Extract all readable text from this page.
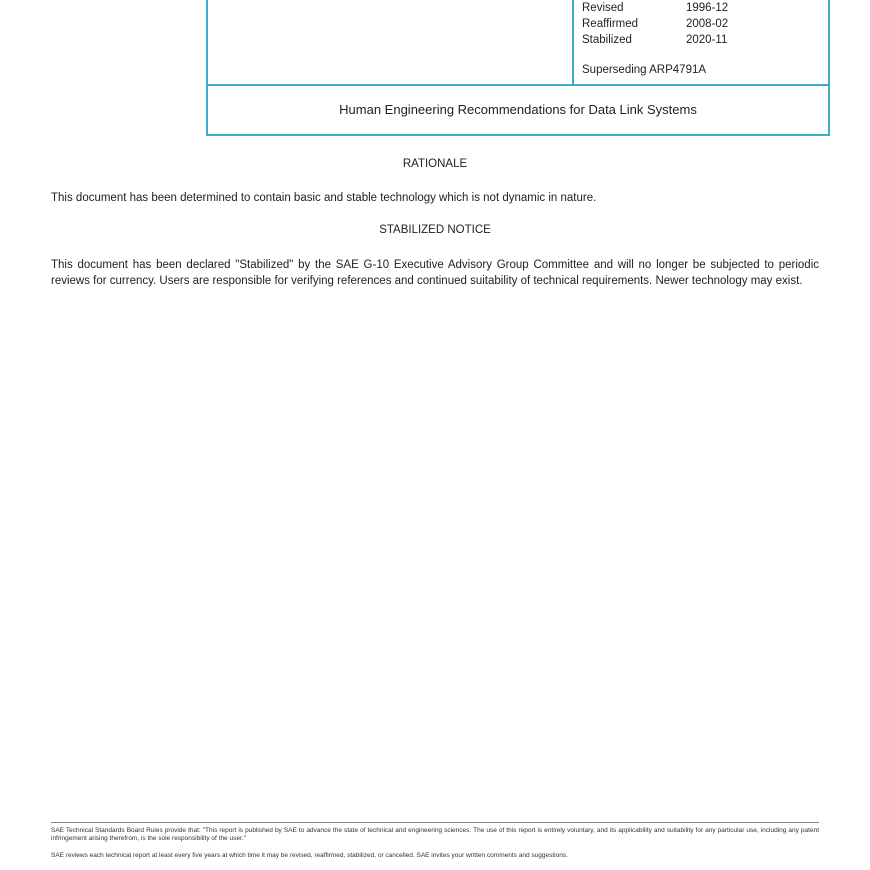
Revised	1996-12
Reaffirmed	2008-02
Stabilized	2020-11
Superseding ARP4791A
Human Engineering Recommendations for Data Link Systems
RATIONALE
This document has been determined to contain basic and stable technology which is not dynamic in nature.
STABILIZED NOTICE
This document has been declared "Stabilized" by the SAE G-10 Executive Advisory Group Committee and will no longer be subjected to periodic reviews for currency. Users are responsible for verifying references and continued suitability of technical requirements. Newer technology may exist.
SAE Technical Standards Board Rules provide that: "This report is published by SAE to advance the state of technical and engineering sciences. The use of this report is entirely voluntary, and its applicability and suitability for any particular use, including any patent infringement arising therefrom, is the sole responsibility of the user."
SAE reviews each technical report at least every five years at which time it may be revised, reaffirmed, stabilized, or cancelled. SAE invites your written comments and suggestions.
